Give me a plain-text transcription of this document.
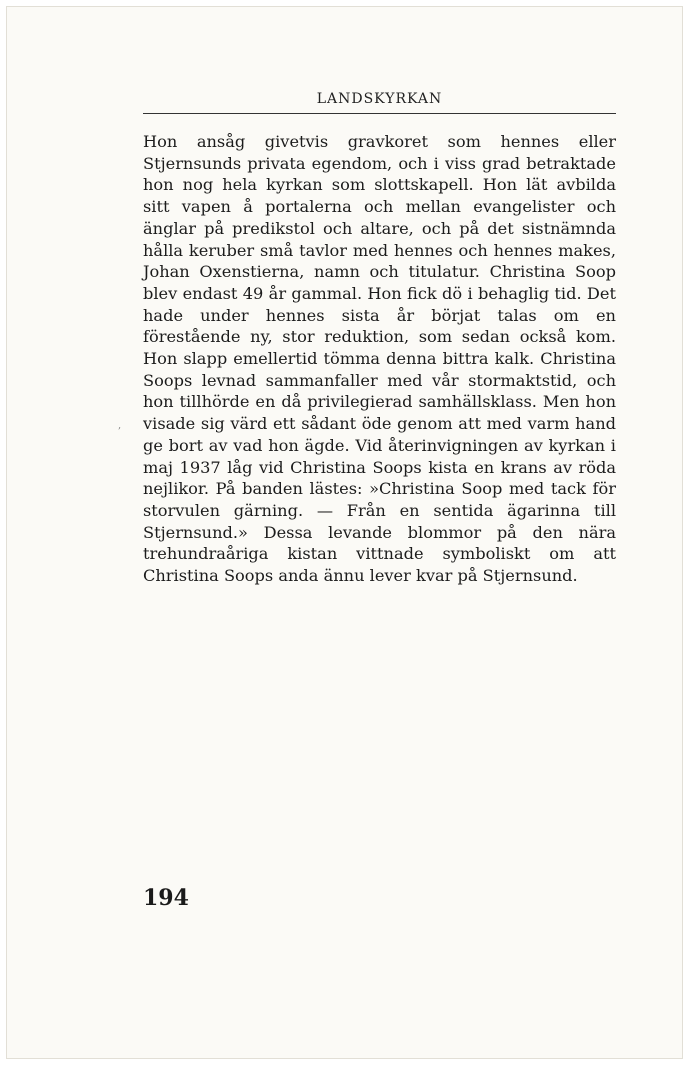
LANDSKYRKAN

Hon ansåg givetvis gravkoret som hennes eller Stjernsunds privata egendom, och i viss grad betraktade hon nog hela kyrkan som slottskapell. Hon lät avbilda sitt vapen å portalerna och mellan evangelister och änglar på predikstol och altare, och på det sistnämnda hålla keruber små tavlor med hennes och hennes makes, Johan Oxenstierna, namn och titulatur. Christina Soop blev endast 49 år gammal. Hon fick dö i behaglig tid. Det hade under hennes sista år börjat talas om en förestående ny, stor reduktion, som sedan också kom. Hon slapp emellertid tömma denna bittra kalk. Christina Soops levnad sammanfaller med vår stormaktstid, och hon tillhörde en då privilegierad samhällsklass. Men hon visade sig värd ett sådant öde genom att med varm hand ge bort av vad hon ägde. Vid återinvigningen av kyrkan i maj 1937 låg vid Christina Soops kista en krans av röda nejlikor. På banden lästes: »Christina Soop med tack för storvulen gärning. — Från en sentida ägarinna till Stjernsund.» Dessa levande blommor på den nära trehundraåriga kistan vittnade symboliskt om att Christina Soops anda ännu lever kvar på Stjernsund.

194
,
